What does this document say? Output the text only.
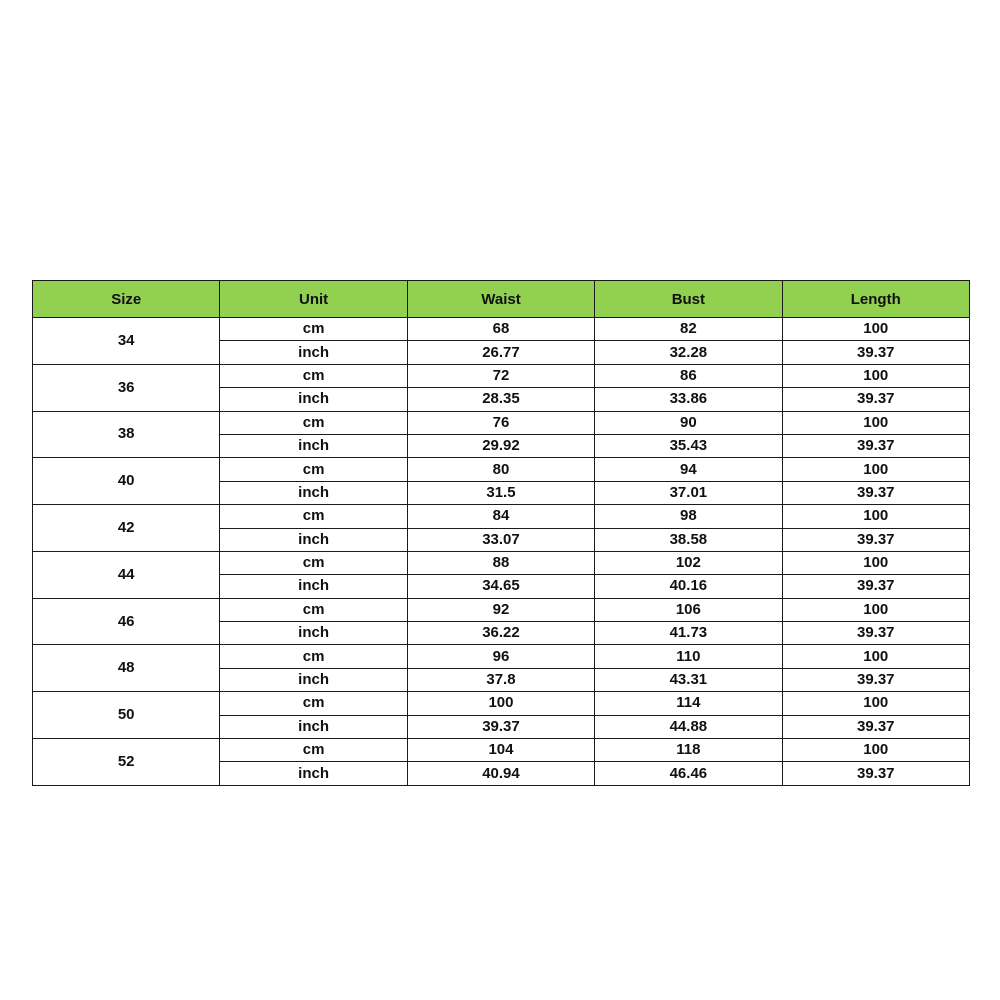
Size	Unit	Waist	Bust	Length
34	cm	68	82	100
	inch	26.77	32.28	39.37
36	cm	72	86	100
	inch	28.35	33.86	39.37
38	cm	76	90	100
	inch	29.92	35.43	39.37
40	cm	80	94	100
	inch	31.5	37.01	39.37
42	cm	84	98	100
	inch	33.07	38.58	39.37
44	cm	88	102	100
	inch	34.65	40.16	39.37
46	cm	92	106	100
	inch	36.22	41.73	39.37
48	cm	96	110	100
	inch	37.8	43.31	39.37
50	cm	100	114	100
	inch	39.37	44.88	39.37
52	cm	104	118	100
	inch	40.94	46.46	39.37
